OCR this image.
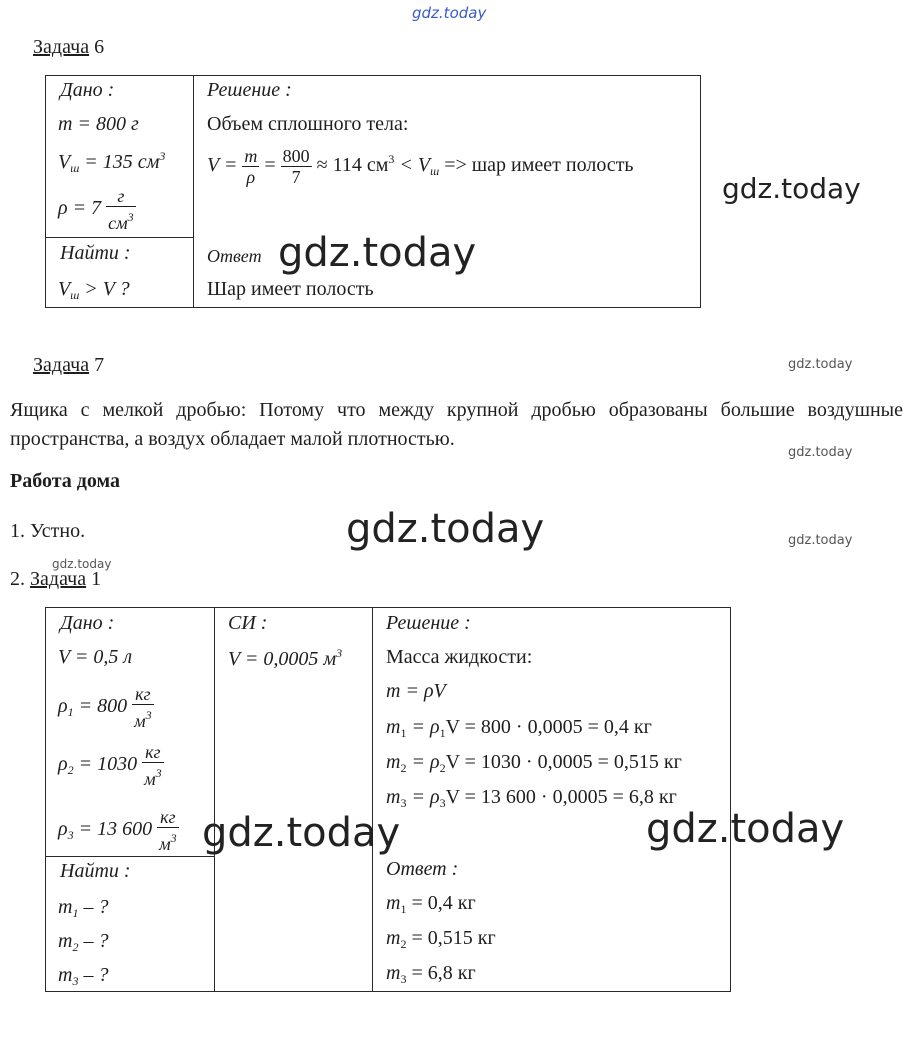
gdz.today
Задача 6
Дано :
m = 800 г
$V_ш = 135$ $см^3$
$\rho = 7 \frac{г}{см^3}$
Найти :
$V_ш > V$ ?
Решение :
Объем сплошного тела:
$V = \frac{m}{\rho} = \frac{800}{7} \approx 114$ $см^3 < V_ш$ => шар имеет полость
Ответ
Шар имеет полость
gdz.today
gdz.today
Задача 7	gdz.today
Ящика с мелкой дробью: Потому что между крупной дробью образованы большие воздушные пространства, а воздух обладает малой плотностью.
gdz.today
Работа дома
1. Устно.	gdz.today	gdz.today
gdz.today
2. Задача 1
Дано :
V = 0,5 л
$\rho_1 = 800 \frac{кг}{м^3}$
$\rho_2 = 1030 \frac{кг}{м^3}$
$\rho_3 = 13$ $600 \frac{кг}{м^3}$
Найти :
$m_1$ – ?
$m_2$ – ?
$m_3$ – ?
СИ :
V = 0,0005 $м^3$
Решение :
Масса жидкости:
m = ρV
$m_1 = \rho_1V = 800 \cdot 0,0005 = 0,4$ кг
$m_2 = \rho_2V = 1030 \cdot 0,0005 = 0,515$ кг
$m_3 = \rho_3V = 13$ 600 · 0,0005 = 6,8 кг
Ответ :
$m_1 = 0,4$ кг
$m_2 = 0,515$ кг
$m_3 = 6,8$ кг
gdz.today	gdz.today
